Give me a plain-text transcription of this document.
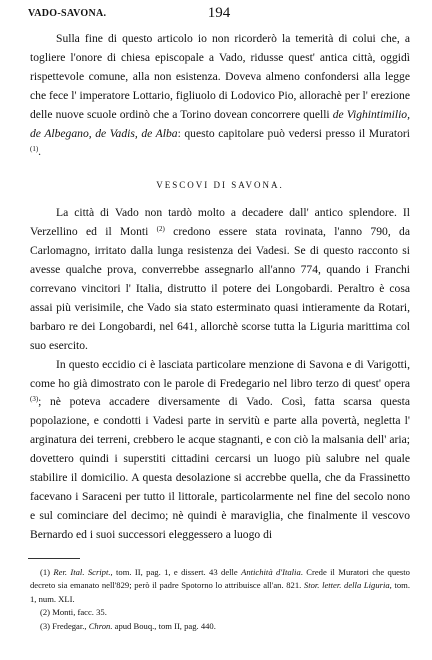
VADO-SAVONA.	194

Sulla fine di questo articolo io non ricorderò la temerità di colui che, a togliere l'onore di chiesa episcopale a Vado, ridusse quest' antica città, oggidì rispettevole comune, alla non esistenza. Doveva almeno confondersi alla legge che fece l' imperatore Lottario, figliuolo di Lodovico Pio, allorachè per l' erezione delle nuove scuole ordinò che a Torino dovean concorrere quelli de Vighintimilio, de Albegano, de Vadis, de Alba: questo capitolare può vedersi presso il Muratori $^{(1)}$.

VESCOVI DI SAVONA.

La città di Vado non tardò molto a decadere dall' antico splendore. Il Verzellino ed il Monti $^{(2)}$ credono essere stata rovinata, l'anno 790, da Carlomagno, irritato dalla lunga resistenza dei Vadesi. Se di questo racconto si avesse qualche prova, converrebbe assegnarlo all'anno 774, quando i Franchi correvano vincitori l' Italia, distrutto il potere dei Longobardi. Peraltro è cosa assai più verisimile, che Vado sia stato esterminato quasi intieramente da Rotari, barbaro re dei Longobardi, nel 641, allorchè scorse tutta la Liguria marittima col suo esercito.

In questo eccidio ci è lasciata particolare menzione di Savona e di Varigotti, come ho già dimostrato con le parole di Fredegario nel libro terzo di quest' opera $^{(3)}$; nè poteva accadere diversamente di Vado. Così, fatta scarsa questa popolazione, e condotti i Vadesi parte in servitù e parte alla povertà, negletta l' arginatura dei terreni, crebbero le acque stagnanti, e con ciò la malsania dell' aria; dovettero quindi i superstiti cittadini cercarsi un luogo più salubre nel quale stabilire il domicilio. A questa desolazione si accrebbe quella, che da Frassinetto facevano i Saraceni per tutto il littorale, particolarmente nel fine del secolo nono e sul cominciare del decimo; nè quindi è maraviglia, che finalmente il vescovo Bernardo ed i suoi successori eleggessero a luogo di

(1) Rer. Ital. Script., tom. II, pag. 1, e dissert. 43 delle Antichità d'Italia. Crede il Muratori che questo decreto sia emanato nell'829; però il padre Spotorno lo attribuisce all'an. 821. Stor. letter. della Liguria, tom. 1, num. XLI.

(2) Monti, facc. 35.

(3) Fredegar., Chron. apud Bouq., tom II, pag. 440.
